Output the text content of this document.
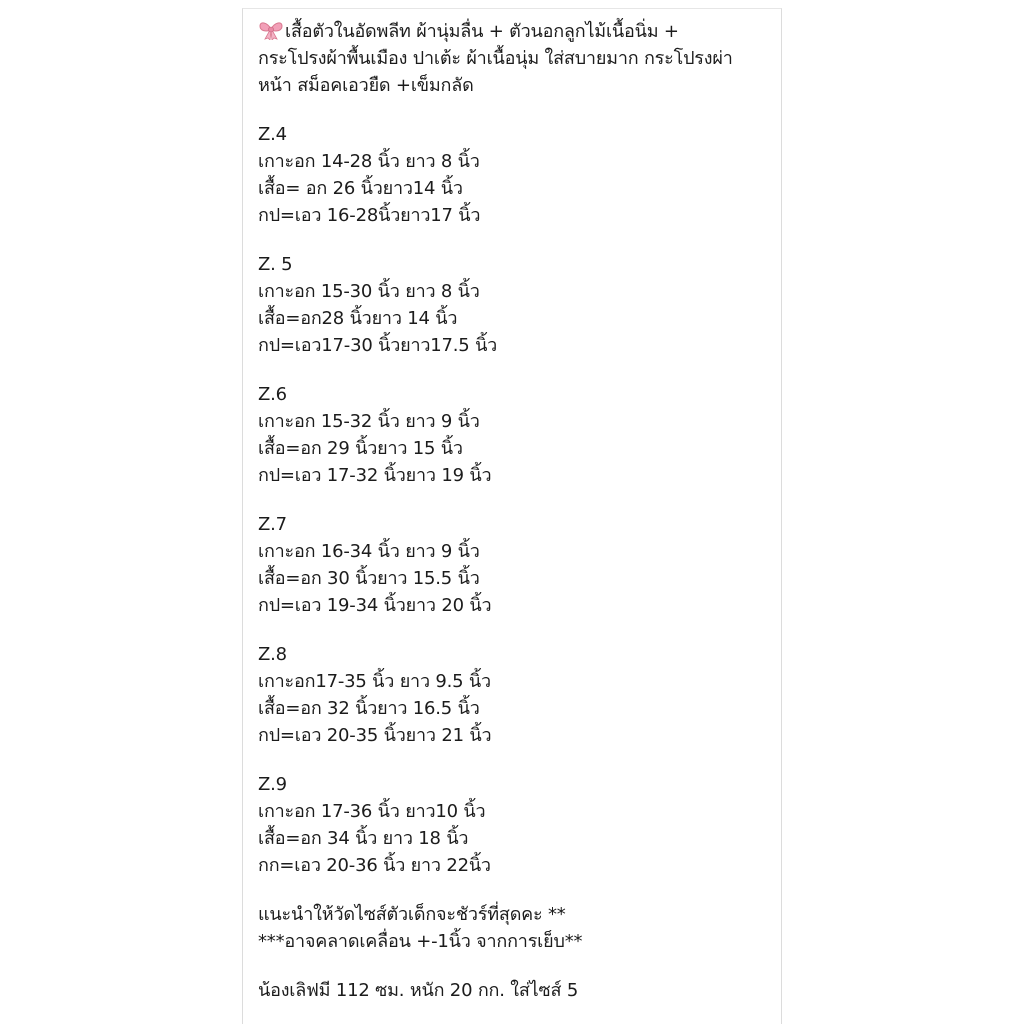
เสื้อตัวในอัดพลีท ผ้านุ่มลื่น + ตัวนอกลูกไม้เนื้อนิ่ม +
กระโปรงผ้าพื้นเมือง ปาเต้ะ ผ้าเนื้อนุ่ม ใส่สบายมาก กระโปรงผ่า
หน้า สม็อคเอวยืด +เข็มกลัด
Z.4
เกาะอก 14-28 นิ้ว ยาว 8 นิ้ว
เสื้อ= อก 26 นิ้วยาว14 นิ้ว
กป=เอว 16-28นิ้วยาว17 นิ้ว
Z. 5
เกาะอก 15-30 นิ้ว ยาว 8 นิ้ว
เสื้อ=อก28 นิ้วยาว 14 นิ้ว
กป=เอว17-30 นิ้วยาว17.5 นิ้ว
Z.6
เกาะอก 15-32 นิ้ว ยาว 9 นิ้ว
เสื้อ=อก 29 นิ้วยาว 15 นิ้ว
กป=เอว 17-32 นิ้วยาว 19 นิ้ว
Z.7
เกาะอก 16-34 นิ้ว ยาว 9 นิ้ว
เสื้อ=อก 30 นิ้วยาว 15.5 นิ้ว
กป=เอว 19-34 นิ้วยาว 20 นิ้ว
Z.8
เกาะอก17-35 นิ้ว ยาว 9.5 นิ้ว
เสื้อ=อก 32 นิ้วยาว 16.5 นิ้ว
กป=เอว 20-35 นิ้วยาว 21 นิ้ว
Z.9
เกาะอก 17-36 นิ้ว ยาว10 นิ้ว
เสื้อ=อก 34 นิ้ว ยาว 18 นิ้ว
กก=เอว 20-36 นิ้ว ยาว 22นิ้ว
แนะนำให้วัดไซส์ตัวเด็กจะชัวร์ที่สุดคะ **
***อาจคลาดเคลื่อน +-1นิ้ว จากการเย็บ**
น้องเลิฟมี 112 ซม. หนัก 20 กก. ใส่ไซส์ 5
